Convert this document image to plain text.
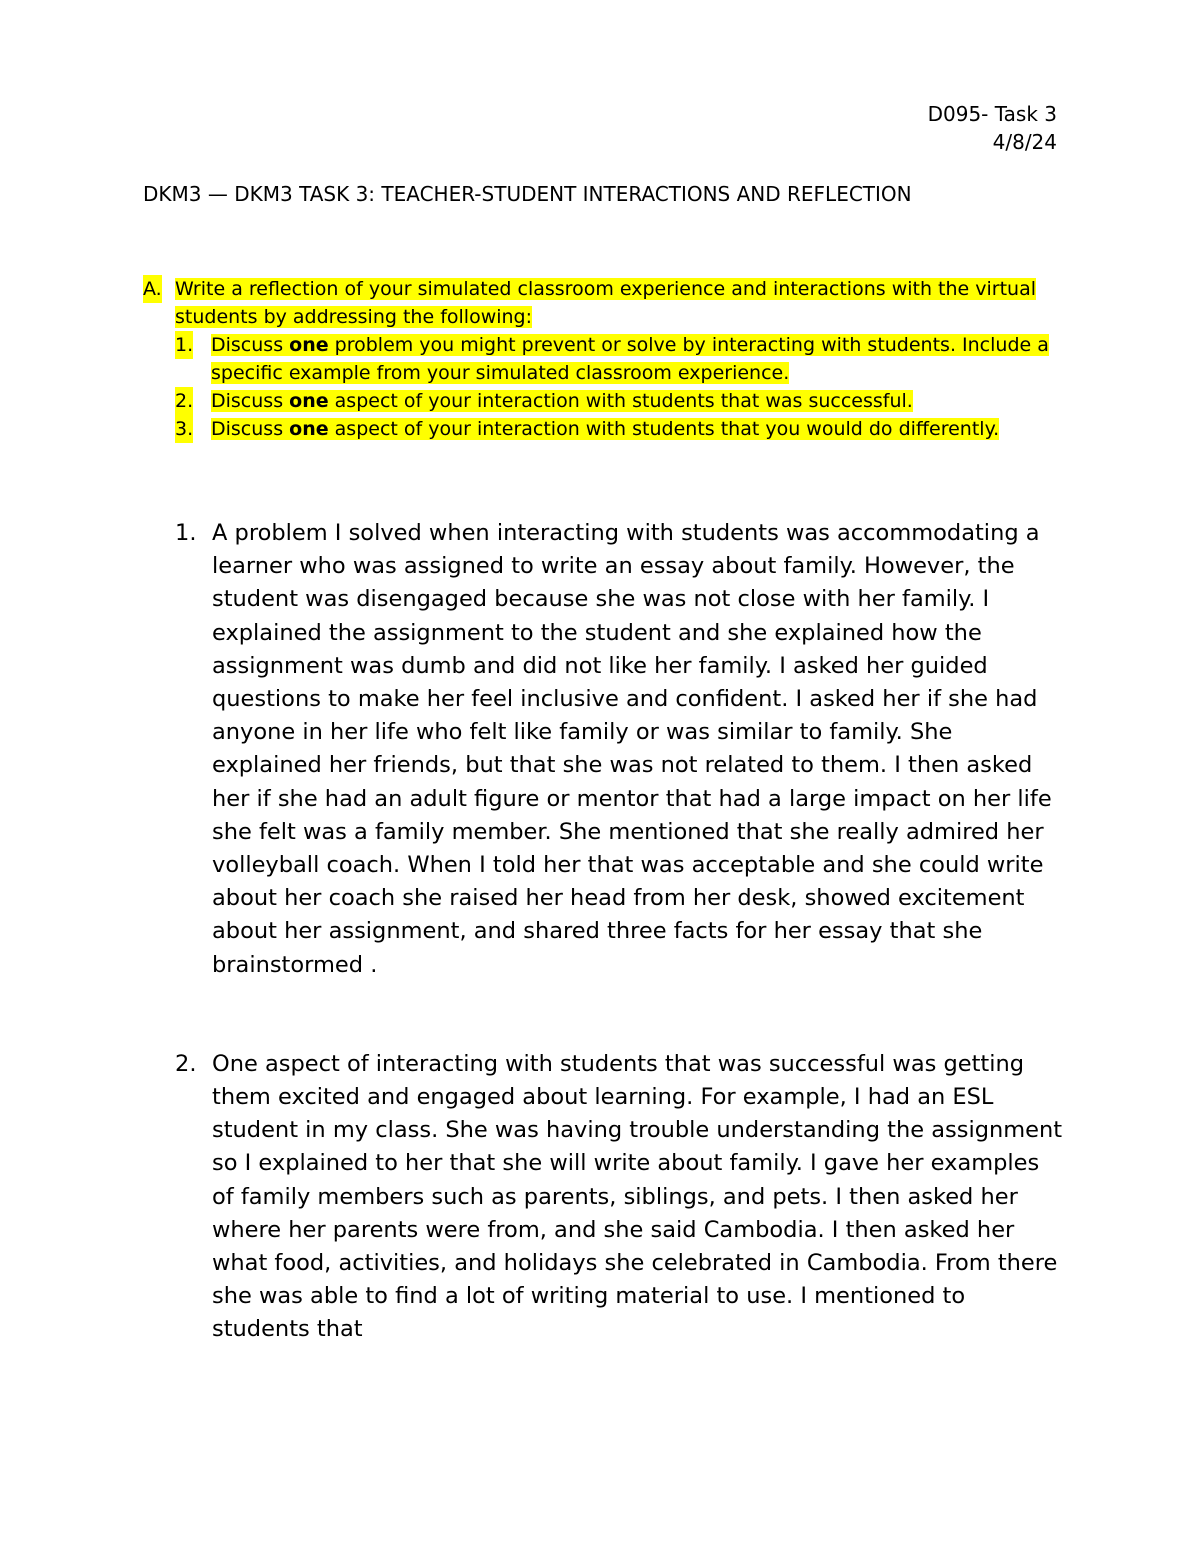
D095- Task 3
4/8/24
DKM3 — DKM3 TASK 3: TEACHER-STUDENT INTERACTIONS AND REFLECTION
A. Write a reflection of your simulated classroom experience and interactions with the virtual students by addressing the following:
1. Discuss one problem you might prevent or solve by interacting with students. Include a specific example from your simulated classroom experience.
2. Discuss one aspect of your interaction with students that was successful.
3. Discuss one aspect of your interaction with students that you would do differently.
1. A problem I solved when interacting with students was accommodating a learner who was assigned to write an essay about family. However, the student was disengaged because she was not close with her family. I explained the assignment to the student and she explained how the assignment was dumb and did not like her family. I asked her guided questions to make her feel inclusive and confident. I asked her if she had anyone in her life who felt like family or was similar to family. She explained her friends, but that she was not related to them. I then asked her if she had an adult figure or mentor that had a large impact on her life she felt was a family member. She mentioned that she really admired her volleyball coach. When I told her that was acceptable and she could write about her coach she raised her head from her desk, showed excitement about her assignment, and shared three facts for her essay that she brainstormed .
2. One aspect of interacting with students that was successful was getting them excited and engaged about learning. For example, I had an ESL student in my class. She was having trouble understanding the assignment so I explained to her that she will write about family. I gave her examples of family members such as parents, siblings, and pets. I then asked her where her parents were from, and she said Cambodia. I then asked her what food, activities, and holidays she celebrated in Cambodia. From there she was able to find a lot of writing material to use. I mentioned to students that
